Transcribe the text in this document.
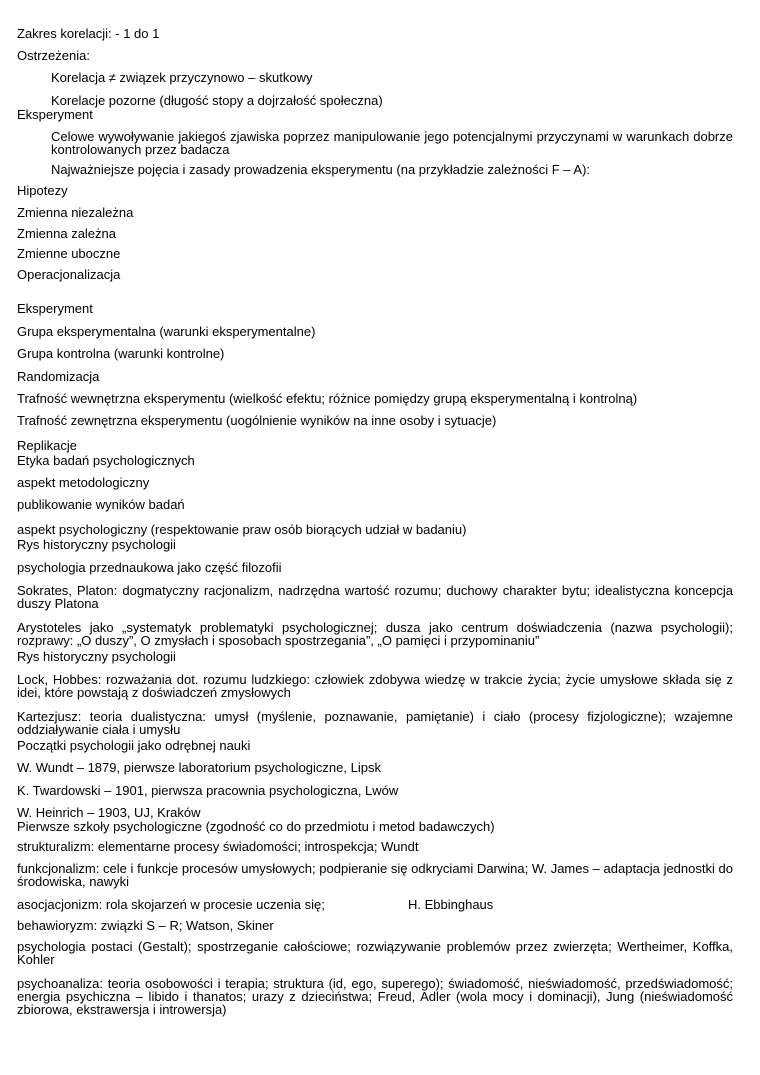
Zakres korelacji: - 1 do 1
Ostrzeżenia:
Korelacja ≠ związek przyczynowo – skutkowy
Korelacje pozorne (długość stopy a dojrzałość społeczna)
Eksperyment
Celowe wywoływanie jakiegoś zjawiska poprzez manipulowanie jego potencjalnymi przyczynami w warunkach dobrze kontrolowanych przez badacza
Najważniejsze pojęcia i zasady prowadzenia eksperymentu (na przykładzie zależności F – A):
Hipotezy
Zmienna niezależna
Zmienna zależna
Zmienne uboczne
Operacjonalizacja
Eksperyment
Grupa eksperymentalna (warunki eksperymentalne)
Grupa kontrolna (warunki kontrolne)
Randomizacja
Trafność wewnętrzna eksperymentu (wielkość efektu; różnice pomiędzy grupą eksperymentalną i kontrolną)
Trafność zewnętrzna eksperymentu (uogólnienie wyników na inne osoby i sytuacje)
Replikacje
Etyka badań psychologicznych
aspekt metodologiczny
publikowanie wyników badań
aspekt psychologiczny (respektowanie praw osób biorących udział w badaniu)
Rys historyczny psychologii
psychologia przednaukowa jako część filozofii
Sokrates, Platon: dogmatyczny racjonalizm, nadrzędna wartość rozumu; duchowy charakter bytu; idealistyczna koncepcja duszy Platona
Arystoteles jako „systematyk problematyki psychologicznej; dusza jako centrum doświadczenia (nazwa psychologii); rozprawy: „O duszy”, O zmysłach i sposobach spostrzegania”, „O pamięci i przypominaniu”
Rys historyczny psychologii
Lock, Hobbes: rozważania dot. rozumu ludzkiego: człowiek zdobywa wiedzę w trakcie życia; życie umysłowe składa się z idei, które powstają z doświadczeń zmysłowych
Kartezjusz: teoria dualistyczna: umysł (myślenie, poznawanie, pamiętanie) i ciało (procesy fizjologiczne); wzajemne oddziaływanie ciała i umysłu
Początki psychologii jako odrębnej nauki
W. Wundt – 1879, pierwsze laboratorium psychologiczne, Lipsk
K. Twardowski – 1901, pierwsza pracownia psychologiczna, Lwów
W. Heinrich – 1903, UJ, Kraków
Pierwsze szkoły psychologiczne (zgodność co do przedmiotu i metod badawczych)
strukturalizm: elementarne procesy świadomości; introspekcja; Wundt
funkcjonalizm: cele i funkcje procesów umysłowych; podpieranie się odkryciami Darwina; W. James – adaptacja jednostki do środowiska, nawyki
asocjacjonizm: rola skojarzeń w procesie uczenia się;	H. Ebbinghaus
behawioryzm: związki S – R; Watson, Skiner
psychologia postaci (Gestalt); spostrzeganie całościowe; rozwiązywanie problemów przez zwierzęta; Wertheimer, Koffka, Kohler
psychoanaliza: teoria osobowości i terapia; struktura (id, ego, superego); świadomość, nieświadomość, przedświadomość; energia psychiczna – libido i thanatos; urazy z dzieciństwa; Freud, Adler (wola mocy i dominacji), Jung (nieświadomość zbiorowa, ekstrawersja i introwersja)
